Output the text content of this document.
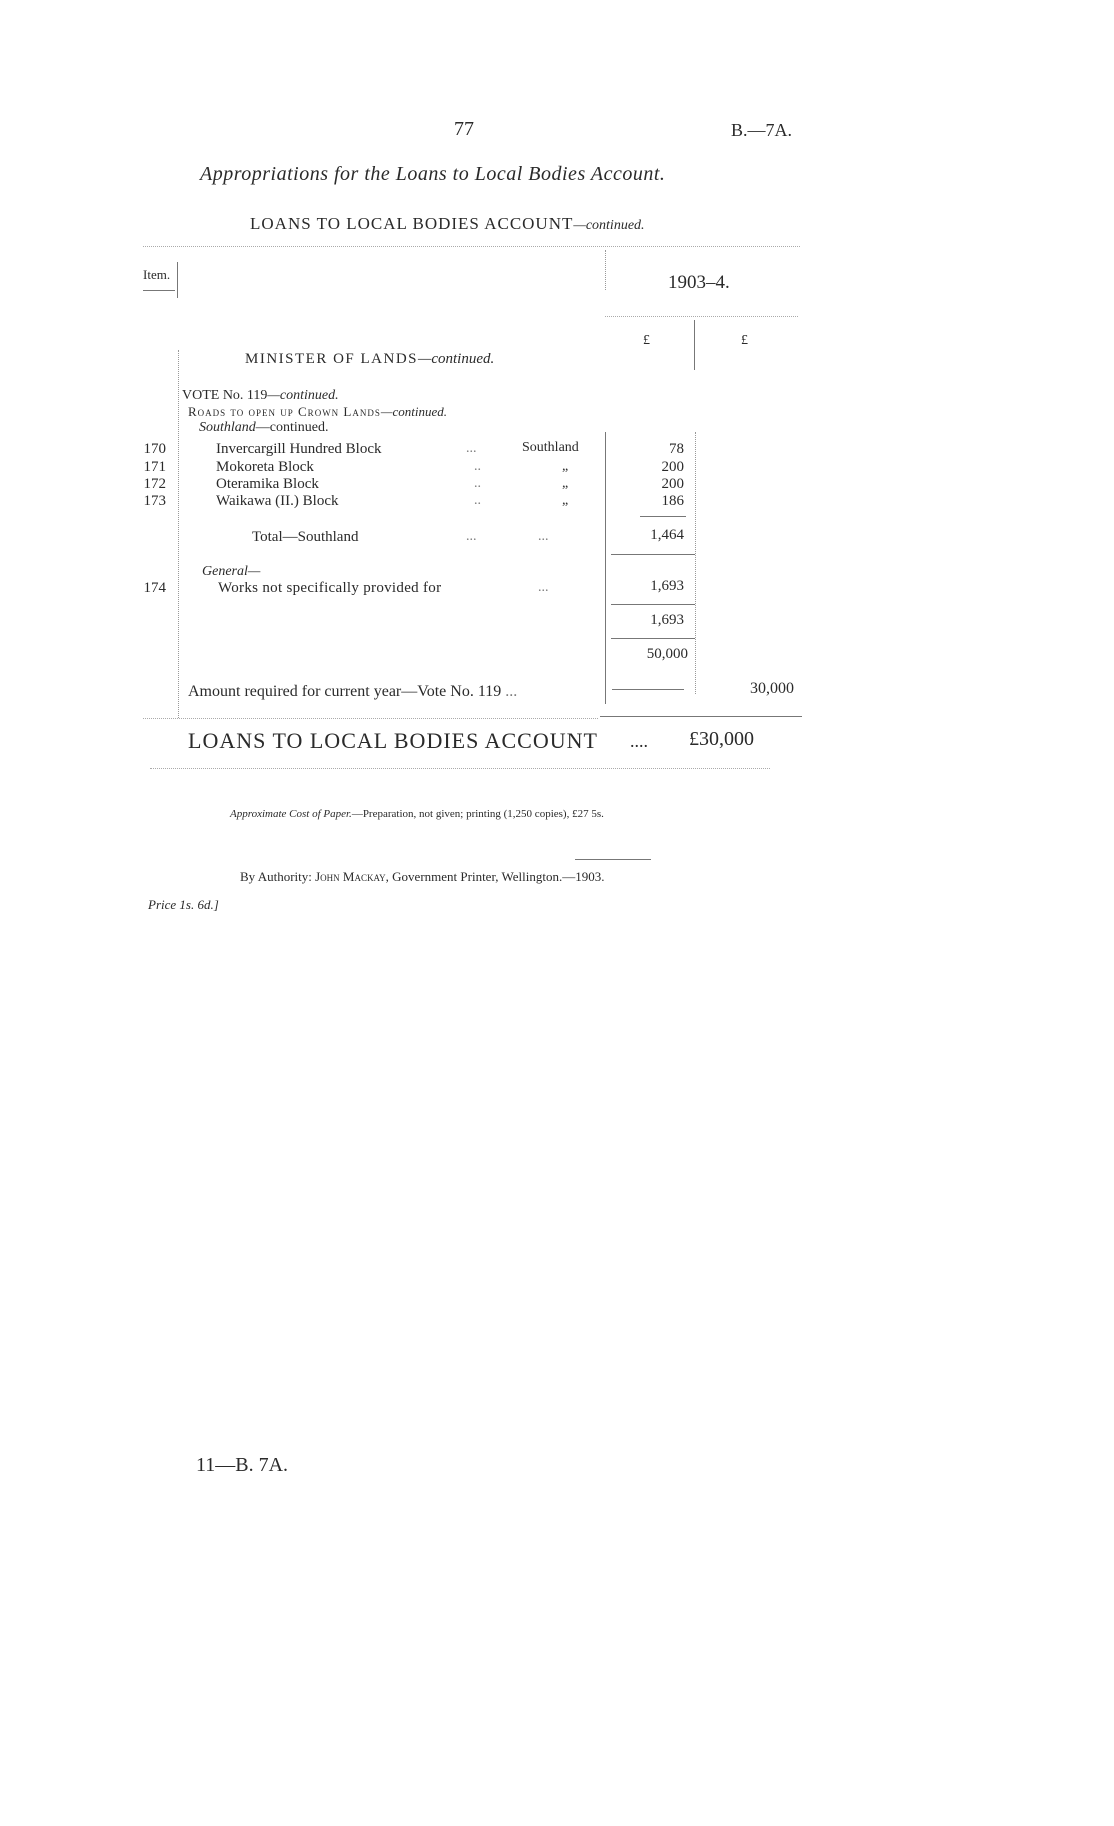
77	B.—7A.
Appropriations for the Loans to Local Bodies Account.
LOANS TO LOCAL BODIES ACCOUNT—continued.
Item.	1903–4.
£	£
MINISTER OF LANDS—continued.
VOTE No. 119—continued.
Roads to open up Crown Lands—continued.
Southland—continued.
170	Invercargill Hundred Block	...	Southland	78
171	Mokoreta Block	..	„	200
172	Oteramika Block	..	„	200
173	Waikawa (II.) Block	..	„	186
Total—Southland	...	...	1,464
General—
174	Works not specifically provided for	...	1,693
1,693
50,000
Amount required for current year—Vote No. 119 ...	30,000
LOANS TO LOCAL BODIES ACCOUNT .... £30,000
Approximate Cost of Paper.—Preparation, not given; printing (1,250 copies), £27 5s.
By Authority: John Mackay, Government Printer, Wellington.—1903.
Price 1s. 6d.]
11—B. 7A.
